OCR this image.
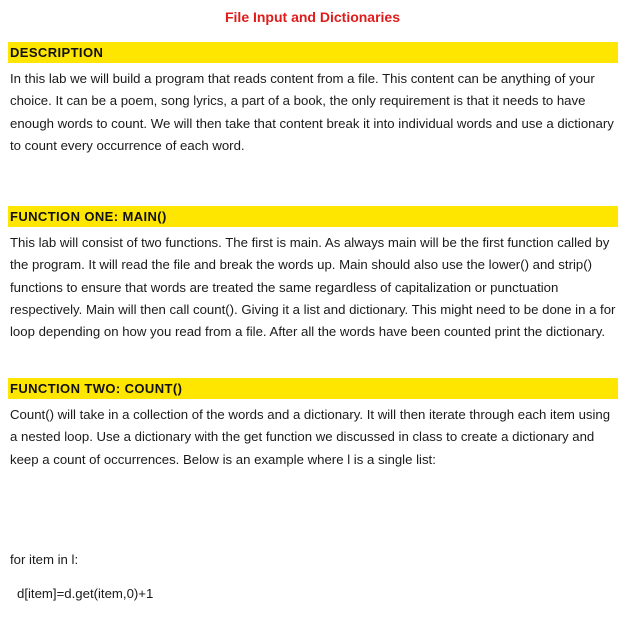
File Input and Dictionaries
DESCRIPTION

In this lab we will build a program that reads content from a file. This content can be anything of your choice. It can be a poem, song lyrics, a part of a book, the only requirement is that it needs to have enough words to count. We will then take that content break it into individual words and use a dictionary to count every occurrence of each word.

FUNCTION ONE: MAIN()

This lab will consist of two functions. The first is main. As always main will be the first function called by the program. It will read the file and break the words up. Main should also use the lower() and strip() functions to ensure that words are treated the same regardless of capitalization or punctuation respectively. Main will then call count(). Giving it a list and dictionary. This might need to be done in a for loop depending on how you read from a file. After all the words have been counted print the dictionary.

FUNCTION TWO: COUNT()

Count() will take in a collection of the words and a dictionary. It will then iterate through each item using a nested loop. Use a dictionary with the get function we discussed in class to create a dictionary and keep a count of occurrences. Below is an example where l is a single list:

for item in l:
d[item]=d.get(item,0)+1
